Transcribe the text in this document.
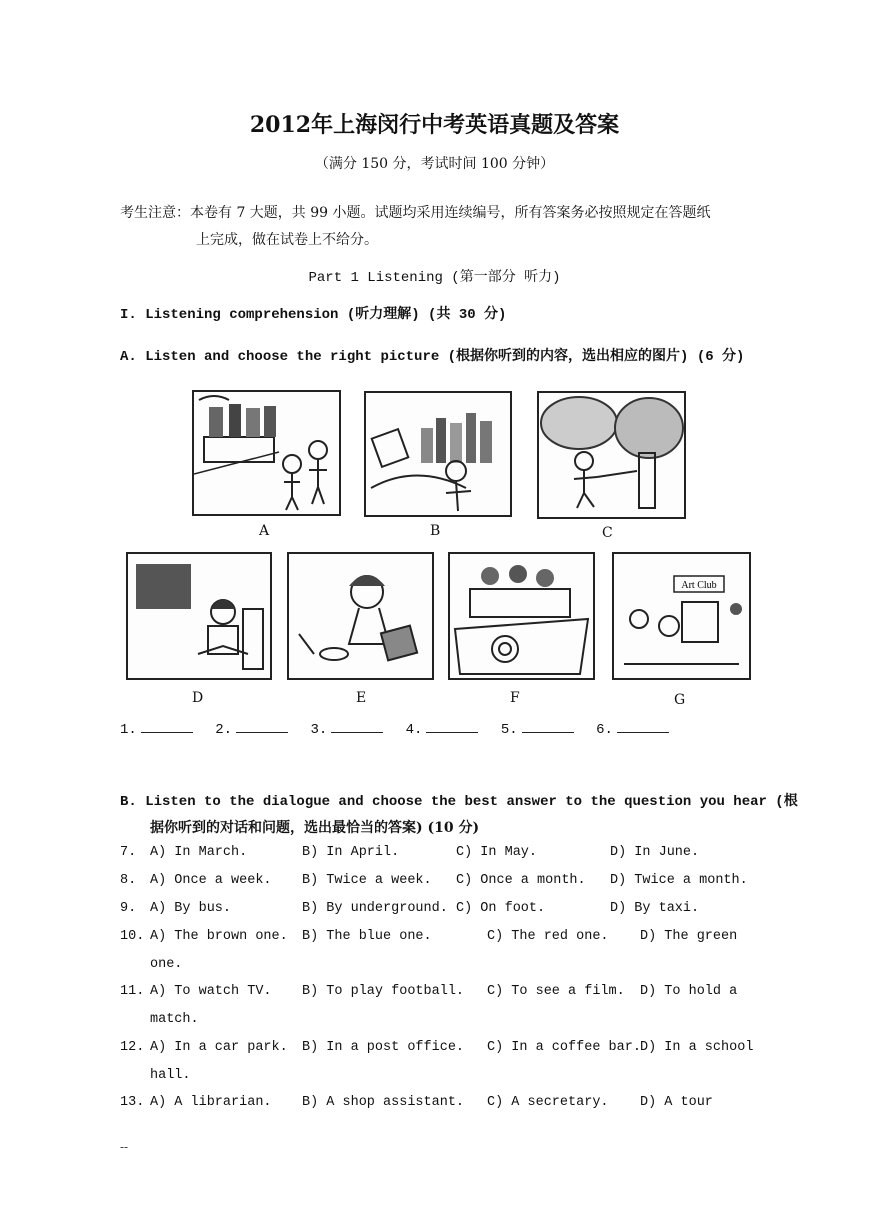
2012年上海闵行中考英语真题及答案
（满分 150 分，考试时间 100 分钟）
考生注意：本卷有 7 大题，共 99 小题。试题均采用连续编号，所有答案务必按照规定在答题纸
上完成，做在试卷上不给分。
Part 1 Listening (第一部分 听力)
I. Listening comprehension (听力理解) (共 30 分)
A. Listen and choose the right picture (根据你听到的内容，选出相应的图片) (6 分)
A	B	C
Art Club
D	E	F	G
1.	2.	3.	4.	5.	6.
B. Listen to the dialogue and choose the best answer to the question you hear (根
据你听到的对话和问题，选出最恰当的答案) (10 分)
7. A) In March.	B) In April.	C) In May.	D) In June.
8. A) Once a week. B) Twice a week. C) Once a month. D) Twice a month.
9. A) By bus.	B) By underground. C) On foot.	D) By taxi.
10. A) The brown one. B) The blue one.	C) The red one. D) The green
one.
11. A) To watch TV. B) To play football. C) To see a film. D) To hold a
match.
12. A) In a car park. B) In a post office. C) In a coffee bar. D) In a school
hall.
13. A) A librarian. B) A shop assistant. C) A secretary. D) A tour
--
